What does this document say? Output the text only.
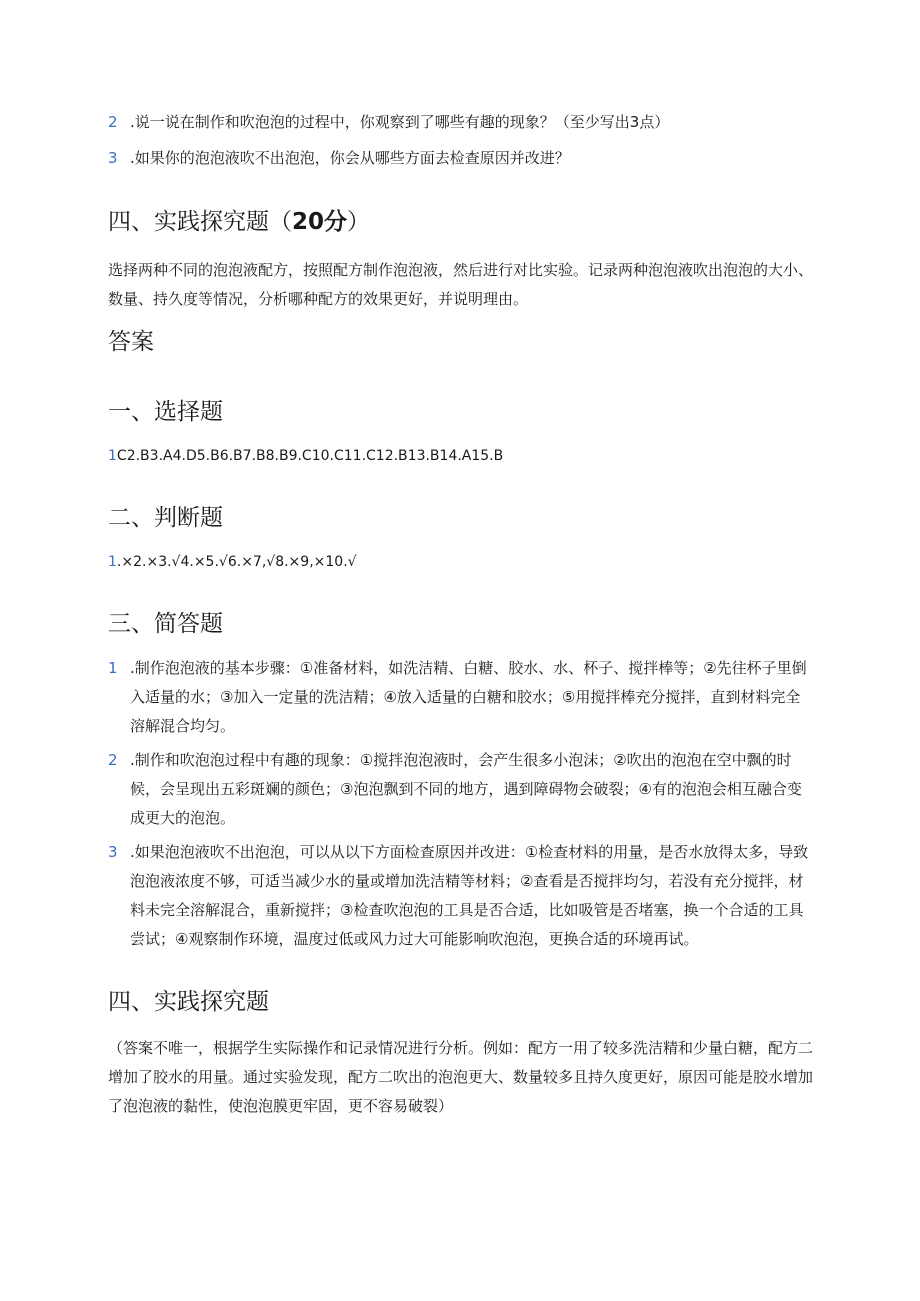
2 .说一说在制作和吹泡泡的过程中，你观察到了哪些有趣的现象？（至少写出3点）
3 .如果你的泡泡液吹不出泡泡，你会从哪些方面去检查原因并改进？
四、实践探究题（20分）

选择两种不同的泡泡液配方，按照配方制作泡泡液，然后进行对比实验。记录两种泡泡液吹出泡泡的大小、数量、持久度等情况，分析哪种配方的效果更好，并说明理由。

答案
一、选择题
1C2.B3.A4.D5.B6.B7.B8.B9.C10.C11.C12.B13.B14.A15.B
二、判断题
1.×2.×3.√4.×5.√6.×7,√8.×9,×10.√
三、简答题
1 .制作泡泡液的基本步骤：①准备材料，如洗洁精、白糖、胶水、水、杯子、搅拌棒等；②先往杯子里倒入适量的水；③加入一定量的洗洁精；④放入适量的白糖和胶水；⑤用搅拌棒充分搅拌，直到材料完全溶解混合均匀。
2 .制作和吹泡泡过程中有趣的现象：①搅拌泡泡液时，会产生很多小泡沫；②吹出的泡泡在空中飘的时候，会呈现出五彩斑斓的颜色；③泡泡飘到不同的地方，遇到障碍物会破裂；④有的泡泡会相互融合变成更大的泡泡。
3 .如果泡泡液吹不出泡泡，可以从以下方面检查原因并改进：①检查材料的用量，是否水放得太多，导致泡泡液浓度不够，可适当减少水的量或增加洗洁精等材料；②查看是否搅拌均匀，若没有充分搅拌，材料未完全溶解混合，重新搅拌；③检查吹泡泡的工具是否合适，比如吸管是否堵塞，换一个合适的工具尝试；④观察制作环境，温度过低或风力过大可能影响吹泡泡，更换合适的环境再试。
四、实践探究题

（答案不唯一，根据学生实际操作和记录情况进行分析。例如：配方一用了较多洗洁精和少量白糖，配方二增加了胶水的用量。通过实验发现，配方二吹出的泡泡更大、数量较多且持久度更好，原因可能是胶水增加了泡泡液的黏性，使泡泡膜更牢固，更不容易破裂）
